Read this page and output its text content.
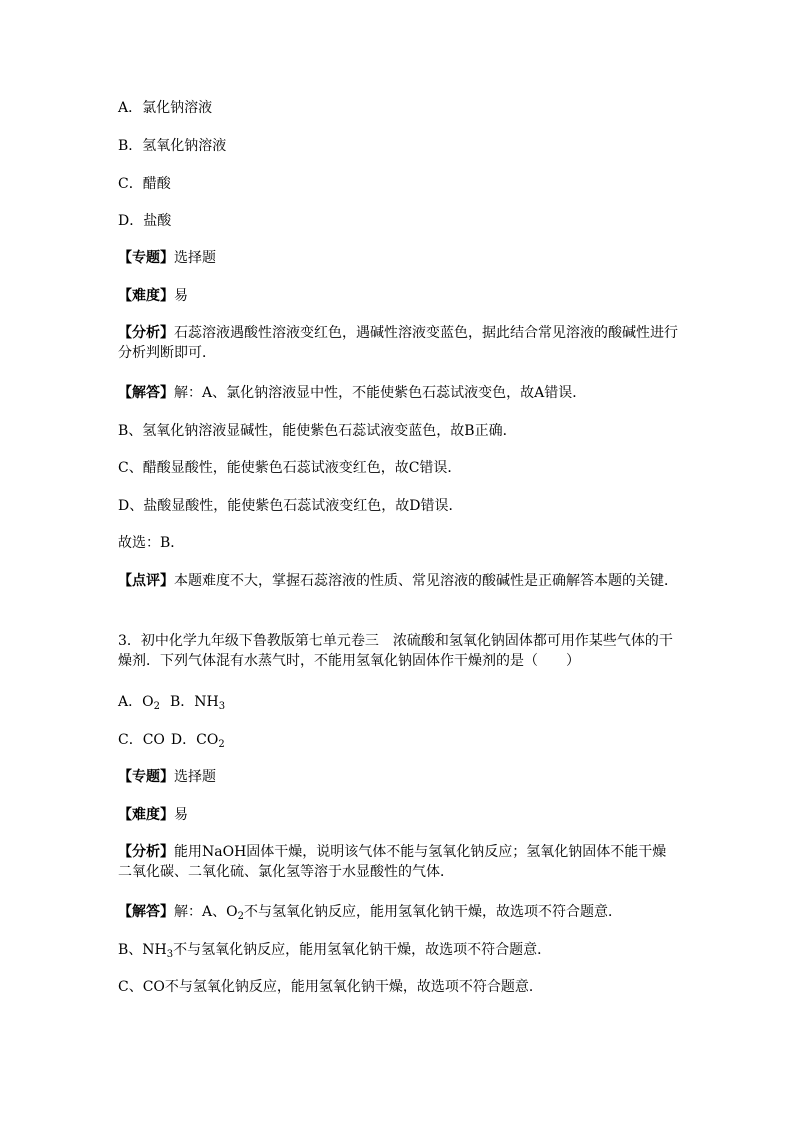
A．氯化钠溶液
B．氢氧化钠溶液
C．醋酸
D．盐酸
【专题】选择题
【难度】易
【分析】石蕊溶液遇酸性溶液变红色，遇碱性溶液变蓝色，据此结合常见溶液的酸碱性进行分析判断即可．
【解答】解：A、氯化钠溶液显中性，不能使紫色石蕊试液变色，故A错误．
B、氢氧化钠溶液显碱性，能使紫色石蕊试液变蓝色，故B正确．
C、醋酸显酸性，能使紫色石蕊试液变红色，故C错误．
D、盐酸显酸性，能使紫色石蕊试液变红色，故D错误．
故选：B．
【点评】本题难度不大，掌握石蕊溶液的性质、常见溶液的酸碱性是正确解答本题的关键．
3．初中化学九年级下鲁教版第七单元卷三　浓硫酸和氢氧化钠固体都可用作某些气体的干燥剂．下列气体混有水蒸气时，不能用氢氧化钠固体作干燥剂的是（　　）
A．$O_2$ B．$NH_3$
C．CO D．$CO_2$
【专题】选择题
【难度】易
【分析】能用NaOH固体干燥，说明该气体不能与氢氧化钠反应；氢氧化钠固体不能干燥二氧化碳、二氧化硫、氯化氢等溶于水显酸性的气体．
【解答】解：A、$O_2$不与氢氧化钠反应，能用氢氧化钠干燥，故选项不符合题意．
B、$NH_3$不与氢氧化钠反应，能用氢氧化钠干燥，故选项不符合题意．
C、CO不与氢氧化钠反应，能用氢氧化钠干燥，故选项不符合题意．
